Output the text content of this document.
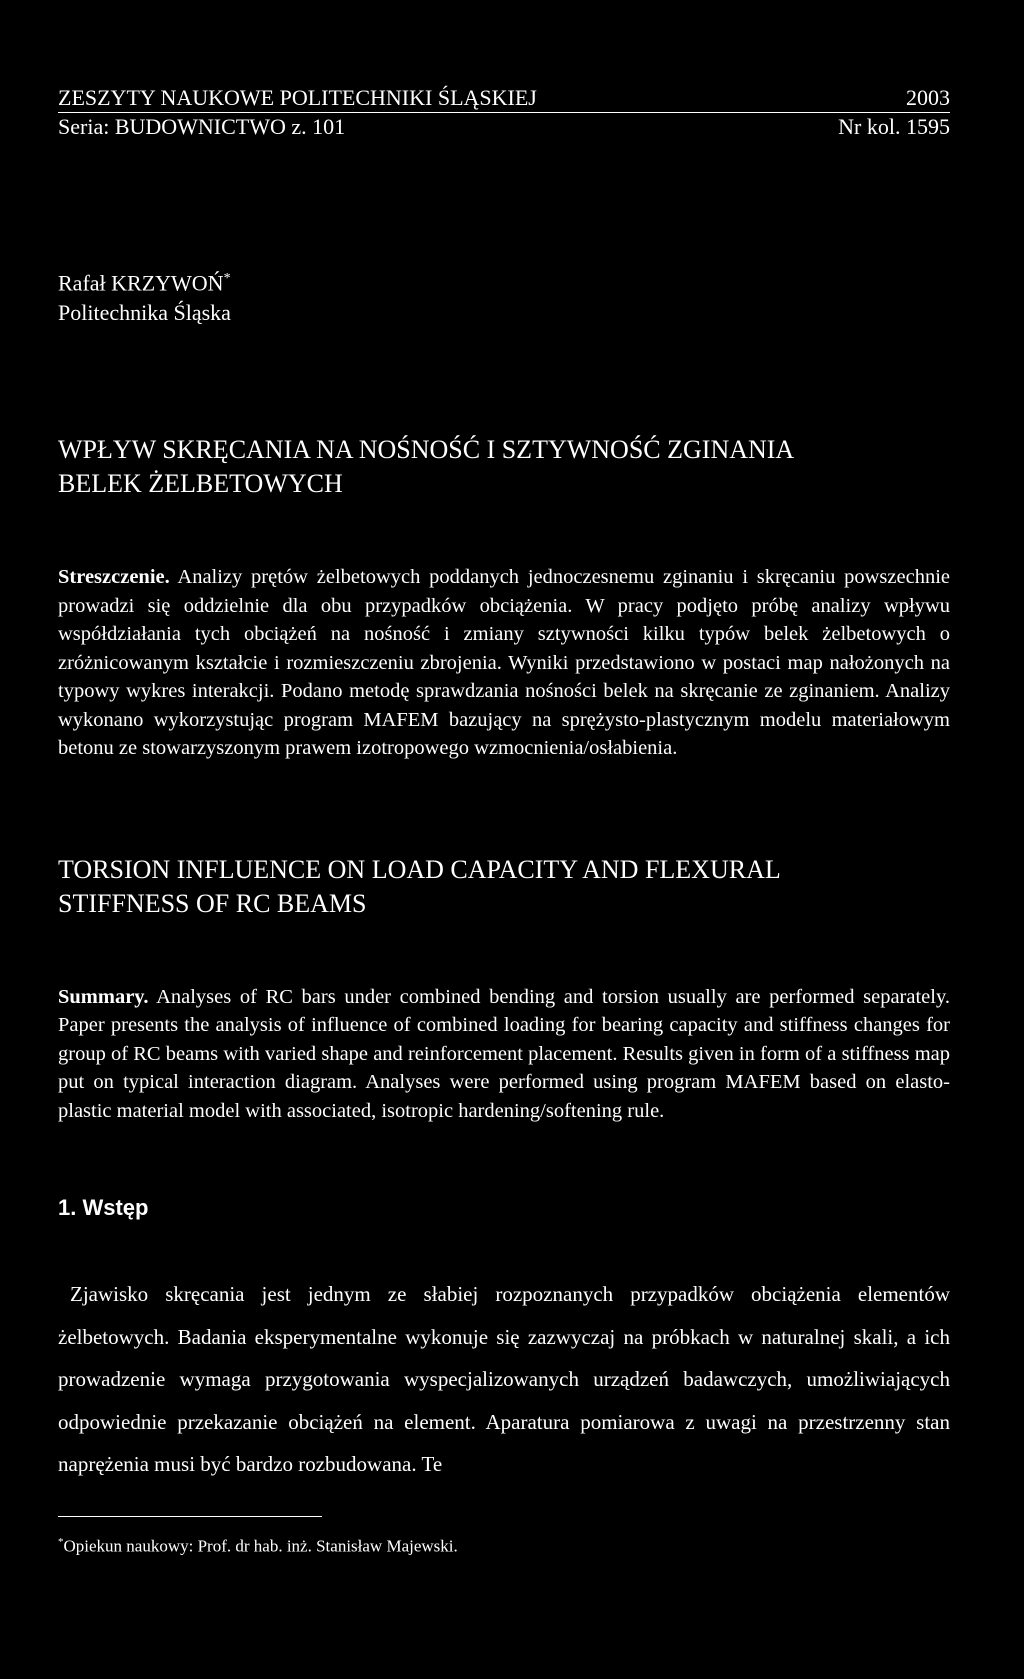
ZESZYTY NAUKOWE POLITECHNIKI ŚLĄSKIEJ	2003
Seria: BUDOWNICTWO z. 101	Nr kol. 1595
Rafał KRZYWOŃ*
Politechnika Śląska
WPŁYW SKRĘCANIA NA NOŚNOŚĆ I SZTYWNOŚĆ ZGINANIA
BELEK ŻELBETOWYCH

Streszczenie. Analizy prętów żelbetowych poddanych jednoczesnemu zginaniu i skręcaniu powszechnie prowadzi się oddzielnie dla obu przypadków obciążenia. W pracy podjęto próbę analizy wpływu współdziałania tych obciążeń na nośność i zmiany sztywności kilku typów belek żelbetowych o zróżnicowanym kształcie i rozmieszczeniu zbrojenia. Wyniki przedstawiono w postaci map nałożonych na typowy wykres interakcji. Podano metodę sprawdzania nośności belek na skręcanie ze zginaniem. Analizy wykonano wykorzystując program MAFEM bazujący na sprężysto-plastycznym modelu materiałowym betonu ze stowarzyszonym prawem izotropowego wzmocnienia/osłabienia.

TORSION INFLUENCE ON LOAD CAPACITY AND FLEXURAL
STIFFNESS OF RC BEAMS

Summary. Analyses of RC bars under combined bending and torsion usually are performed separately. Paper presents the analysis of influence of combined loading for bearing capacity and stiffness changes for group of RC beams with varied shape and reinforcement placement. Results given in form of a stiffness map put on typical interaction diagram. Analyses were performed using program MAFEM based on elasto-plastic material model with associated, isotropic hardening/softening rule.

1. Wstęp
Zjawisko skręcania jest jednym ze słabiej rozpoznanych przypadków obciążenia elementów żelbetowych. Badania eksperymentalne wykonuje się zazwyczaj na próbkach w naturalnej skali, a ich prowadzenie wymaga przygotowania wyspecjalizowanych urządzeń badawczych, umożliwiających odpowiednie przekazanie obciążeń na element. Aparatura pomiarowa z uwagi na przestrzenny stan naprężenia musi być bardzo rozbudowana. Te
*Opiekun naukowy: Prof. dr hab. inż. Stanisław Majewski.
